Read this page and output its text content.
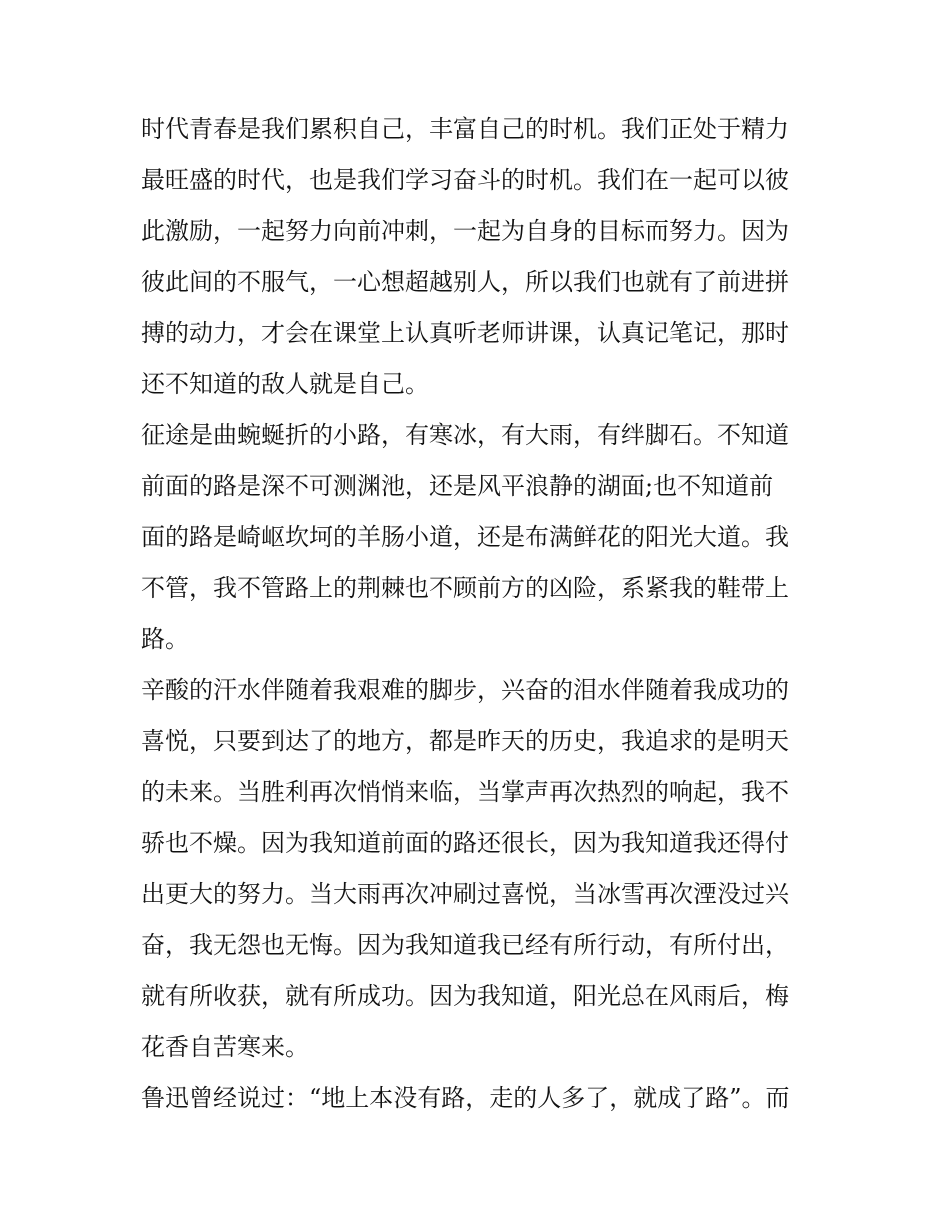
时代青春是我们累积自己，丰富自己的时机。我们正处于精力
最旺盛的时代，也是我们学习奋斗的时机。我们在一起可以彼
此激励，一起努力向前冲刺，一起为自身的目标而努力。因为
彼此间的不服气，一心想超越别人，所以我们也就有了前进拼
搏的动力，才会在课堂上认真听老师讲课，认真记笔记，那时
还不知道的敌人就是自己。

征途是曲蜿蜒折的小路，有寒冰，有大雨，有绊脚石。不知道
前面的路是深不可测渊池，还是风平浪静的湖面;也不知道前
面的路是崎岖坎坷的羊肠小道，还是布满鲜花的阳光大道。我
不管，我不管路上的荆棘也不顾前方的凶险，系紧我的鞋带上
路。

辛酸的汗水伴随着我艰难的脚步，兴奋的泪水伴随着我成功的
喜悦，只要到达了的地方，都是昨天的历史，我追求的是明天
的未来。当胜利再次悄悄来临，当掌声再次热烈的响起，我不
骄也不燥。因为我知道前面的路还很长，因为我知道我还得付
出更大的努力。当大雨再次冲刷过喜悦，当冰雪再次湮没过兴
奋，我无怨也无悔。因为我知道我已经有所行动，有所付出，
就有所收获，就有所成功。因为我知道，阳光总在风雨后，梅
花香自苦寒来。

鲁迅曾经说过：“地上本没有路，走的人多了，就成了路”。而
